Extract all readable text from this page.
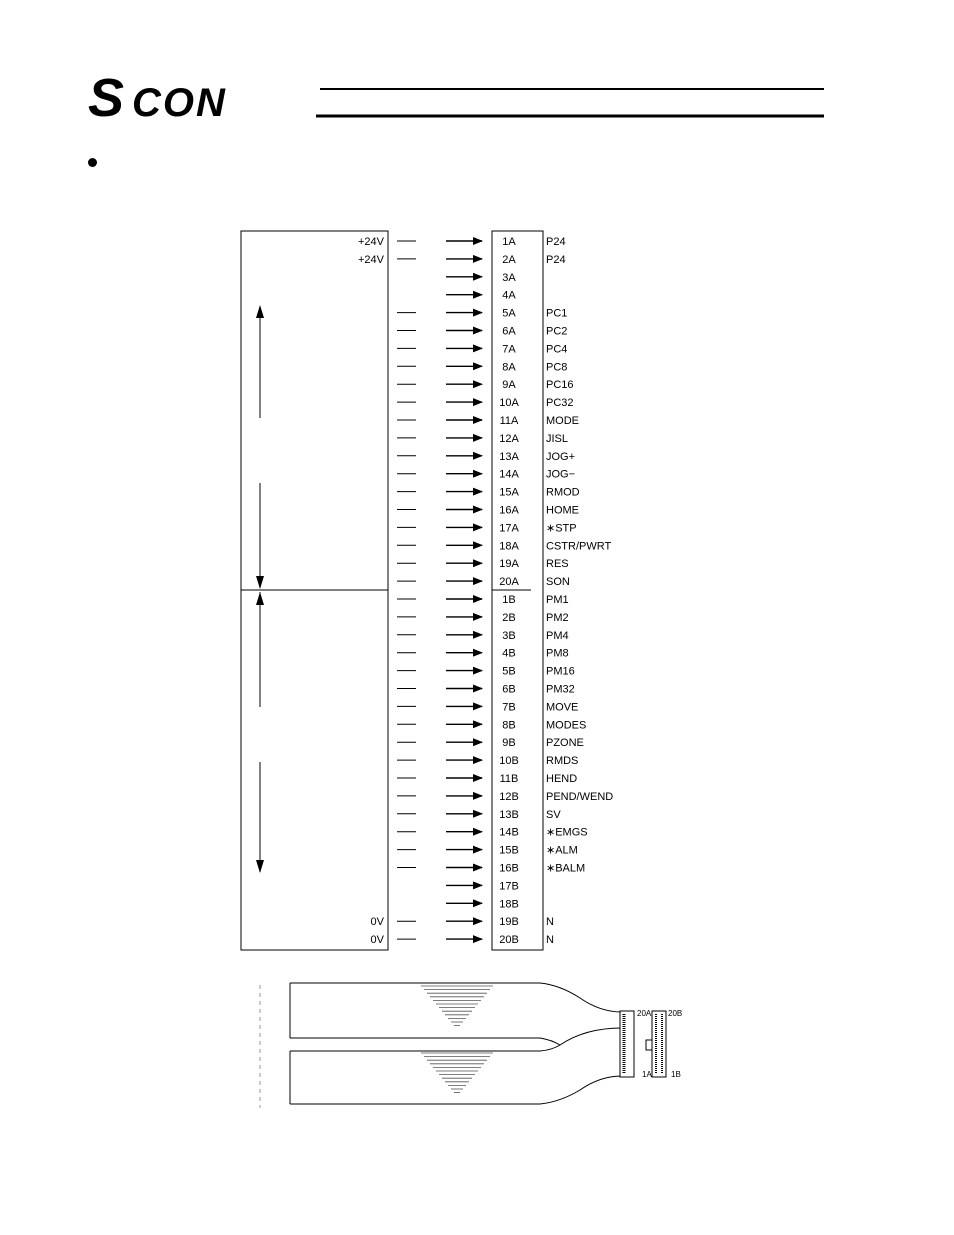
S CON
+24V	1A	P24
+24V	2A	P24
3A
4A
5A	PC1
6A	PC2
7A	PC4
8A	PC8
9A	PC16
10A PC32
11A	MODE
12A JISL
13A JOG+
14A JOG−
15A RMOD
16A HOME
17A ∗STP
18A CSTR/PWRT
19A RES
20A SON
1B	PM1
2B	PM2
3B	PM4
4B	PM8
5B	PM16
6B	PM32
7B	MOVE
8B	MODES
9B	PZONE
10B RMDS
11B	HEND
12B PEND/WEND
13B SV
14B ∗EMGS
15B ∗ALM
16B ∗BALM
17B
18B
0V	19B N
0V	20B N
20A 20B
1A 1B
